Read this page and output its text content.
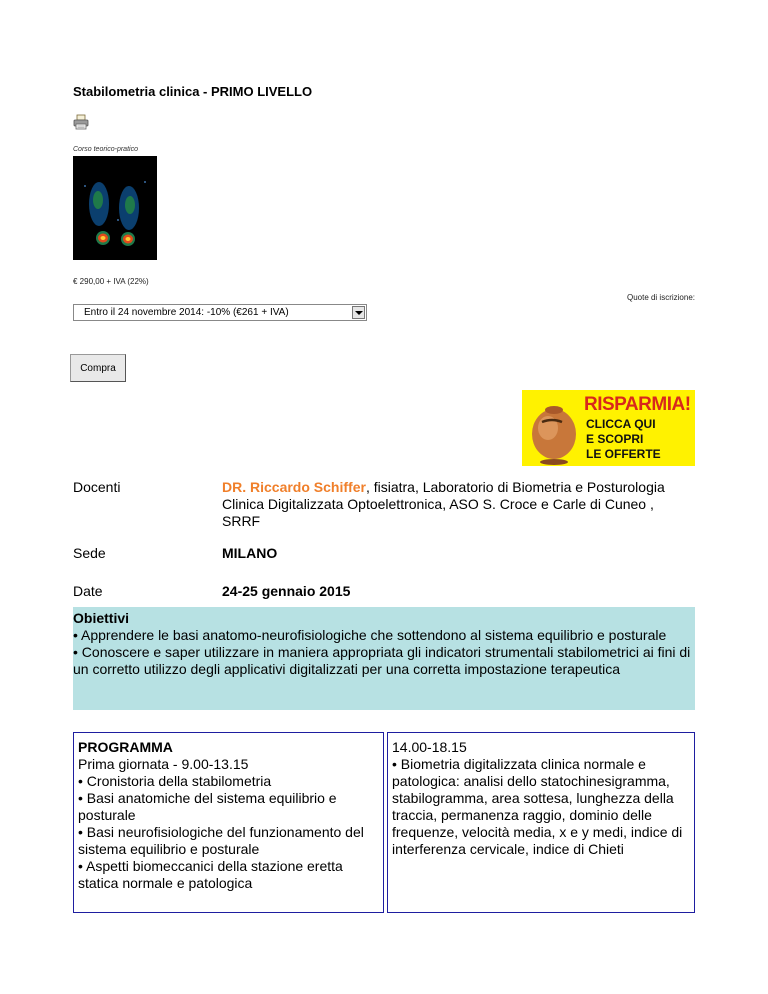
Stabilometria clinica - PRIMO LIVELLO
Corso teorico-pratico
€ 290,00 + IVA (22%)
Quote di iscrizione:
Entro il 24 novembre 2014: -10% (€261 + IVA)
Compra
RISPARMIA!
CLICCA QUI
E SCOPRI
LE OFFERTE
Docenti	DR. Riccardo Schiffer, fisiatra, Laboratorio di Biometria e Posturologia Clinica Digitalizzata Optoelettronica, ASO S. Croce e Carle di Cuneo , SRRF
Sede	MILANO
Date	24-25 gennaio 2015

Obiettivi

• Apprendere le basi anatomo-neurofisiologiche che sottendono al sistema equilibrio e posturale

• Conoscere e saper utilizzare in maniera appropriata gli indicatori strumentali stabilometrici ai fini di un corretto utilizzo degli applicativi digitalizzati per una corretta impostazione terapeutica

PROGRAMMA

Prima giornata - 9.00-13.15

• Cronistoria della stabilometria

• Basi anatomiche del sistema equilibrio e posturale

• Basi neurofisiologiche del funzionamento del sistema equilibrio e posturale

• Aspetti biomeccanici della stazione eretta statica normale e patologica

14.00-18.15

• Biometria digitalizzata clinica normale e patologica: analisi dello statochinesigramma, stabilogramma, area sottesa, lunghezza della traccia, permanenza raggio, dominio delle frequenze, velocità media, x e y medi, indice di interferenza cervicale, indice di Chieti
